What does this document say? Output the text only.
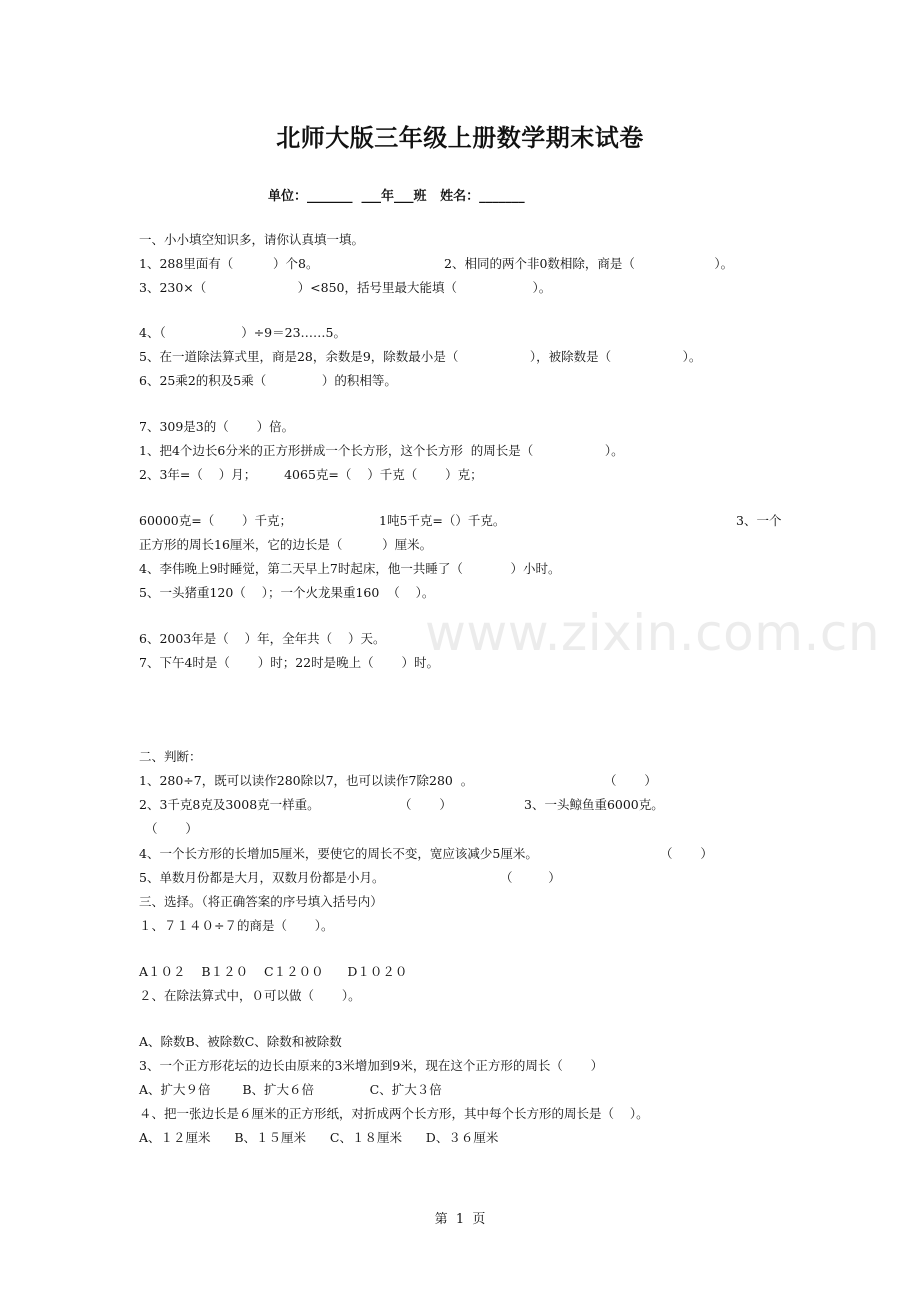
北师大版三年级上册数学期末试卷
单位：_______  ___年___班   姓名：_______
www.zixin.com.cn
一、小小填空知识多，请你认真填一填。
1、288里面有（          ）个8。	2、相同的两个非0数相除，商是（                    ）。
3、230×（                       ）<850，括号里最大能填（                   ）。
4、（                   ）÷9＝23……5。
5、在一道除法算式里，商是28，余数是9，除数最小是（                  ），被除数是（                  ）。
6、25乘2的积及5乘（              ）的积相等。
7、309是3的（       ）倍。
1、把4个边长6分米的正方形拼成一个长方形，这个长方形  的周长是（                  ）。
2、3年=（    ）月；       4065克=（    ）千克（       ）克；
60000克=（       ）千克；	1吨5千克=（）千克。	3、一个
正方形的周长16厘米，它的边长是（          ）厘米。
4、李伟晚上9时睡觉，第二天早上7时起床，他一共睡了（            ）小时。
5、一头猪重120（    ）；一个火龙果重160  （    ）。
6、2003年是（    ）年，全年共（    ）天。
7、下午4时是（       ）时；22时是晚上（       ）时。
二、判断：
1、280÷7，既可以读作280除以7，也可以读作7除280  。	（       ）
2、3千克8克及3008克一样重。	（       ）	3、一头鲸鱼重6000克。
（       ）
4、一个长方形的长增加5厘米，要使它的周长不变，宽应该减少5厘米。	（       ）
5、单数月份都是大月，双数月份都是小月。	（         ）
三、选择。（将正确答案的序号填入括号内）
１、７１４０÷７的商是（       ）。
A１０２    B１２０    C１２００      D１０２０
２、在除法算式中，０可以做（       ）。
A、除数B、被除数C、除数和被除数
3、一个正方形花坛的边长由原来的3米增加到9米，现在这个正方形的周长（       ）
A、扩大９倍        B、扩大６倍              C、扩大３倍
４、把一张边长是６厘米的正方形纸，对折成两个长方形，其中每个长方形的周长是（    ）。
A、１２厘米      B、１５厘米      C、１８厘米      D、３６厘米
第  1  页
